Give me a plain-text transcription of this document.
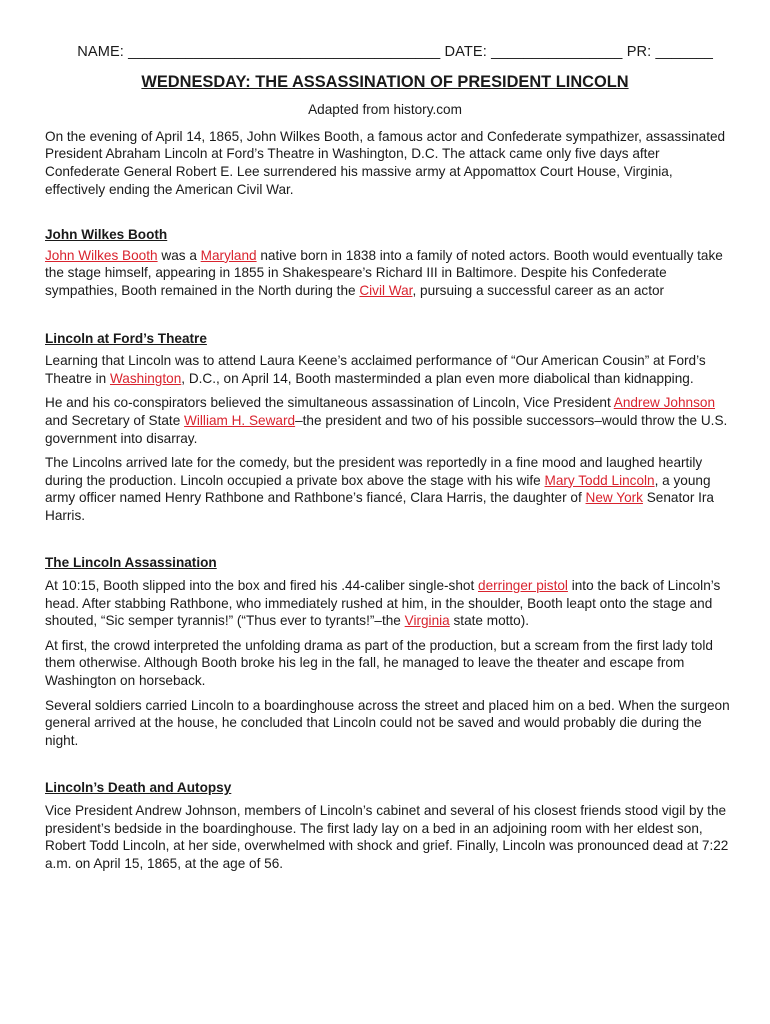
NAME: ______________________________________ DATE: ________________ PR: _______
WEDNESDAY: THE ASSASSINATION OF PRESIDENT LINCOLN
Adapted from history.com

On the evening of April 14, 1865, John Wilkes Booth, a famous actor and Confederate sympathizer, assassinated President Abraham Lincoln at Ford’s Theatre in Washington, D.C. The attack came only five days after Confederate General Robert E. Lee surrendered his massive army at Appomattox Court House, Virginia, effectively ending the American Civil War.

John Wilkes Booth

John Wilkes Booth was a Maryland native born in 1838 into a family of noted actors. Booth would eventually take the stage himself, appearing in 1855 in Shakespeare’s Richard III in Baltimore. Despite his Confederate sympathies, Booth remained in the North during the Civil War, pursuing a successful career as an actor

Lincoln at Ford’s Theatre

Learning that Lincoln was to attend Laura Keene’s acclaimed performance of “Our American Cousin” at Ford’s Theatre in Washington, D.C., on April 14, Booth masterminded a plan even more diabolical than kidnapping.

He and his co-conspirators believed the simultaneous assassination of Lincoln, Vice President Andrew Johnson and Secretary of State William H. Seward–the president and two of his possible successors–would throw the U.S. government into disarray.

The Lincolns arrived late for the comedy, but the president was reportedly in a fine mood and laughed heartily during the production. Lincoln occupied a private box above the stage with his wife Mary Todd Lincoln, a young army officer named Henry Rathbone and Rathbone’s fiancé, Clara Harris, the daughter of New York Senator Ira Harris.

The Lincoln Assassination

At 10:15, Booth slipped into the box and fired his .44-caliber single-shot derringer pistol into the back of Lincoln’s head. After stabbing Rathbone, who immediately rushed at him, in the shoulder, Booth leapt onto the stage and shouted, “Sic semper tyrannis!” (“Thus ever to tyrants!”–the Virginia state motto).

At first, the crowd interpreted the unfolding drama as part of the production, but a scream from the first lady told them otherwise. Although Booth broke his leg in the fall, he managed to leave the theater and escape from Washington on horseback.

Several soldiers carried Lincoln to a boardinghouse across the street and placed him on a bed. When the surgeon general arrived at the house, he concluded that Lincoln could not be saved and would probably die during the night.

Lincoln’s Death and Autopsy

Vice President Andrew Johnson, members of Lincoln’s cabinet and several of his closest friends stood vigil by the president’s bedside in the boardinghouse. The first lady lay on a bed in an adjoining room with her eldest son, Robert Todd Lincoln, at her side, overwhelmed with shock and grief. Finally, Lincoln was pronounced dead at 7:22 a.m. on April 15, 1865, at the age of 56.
